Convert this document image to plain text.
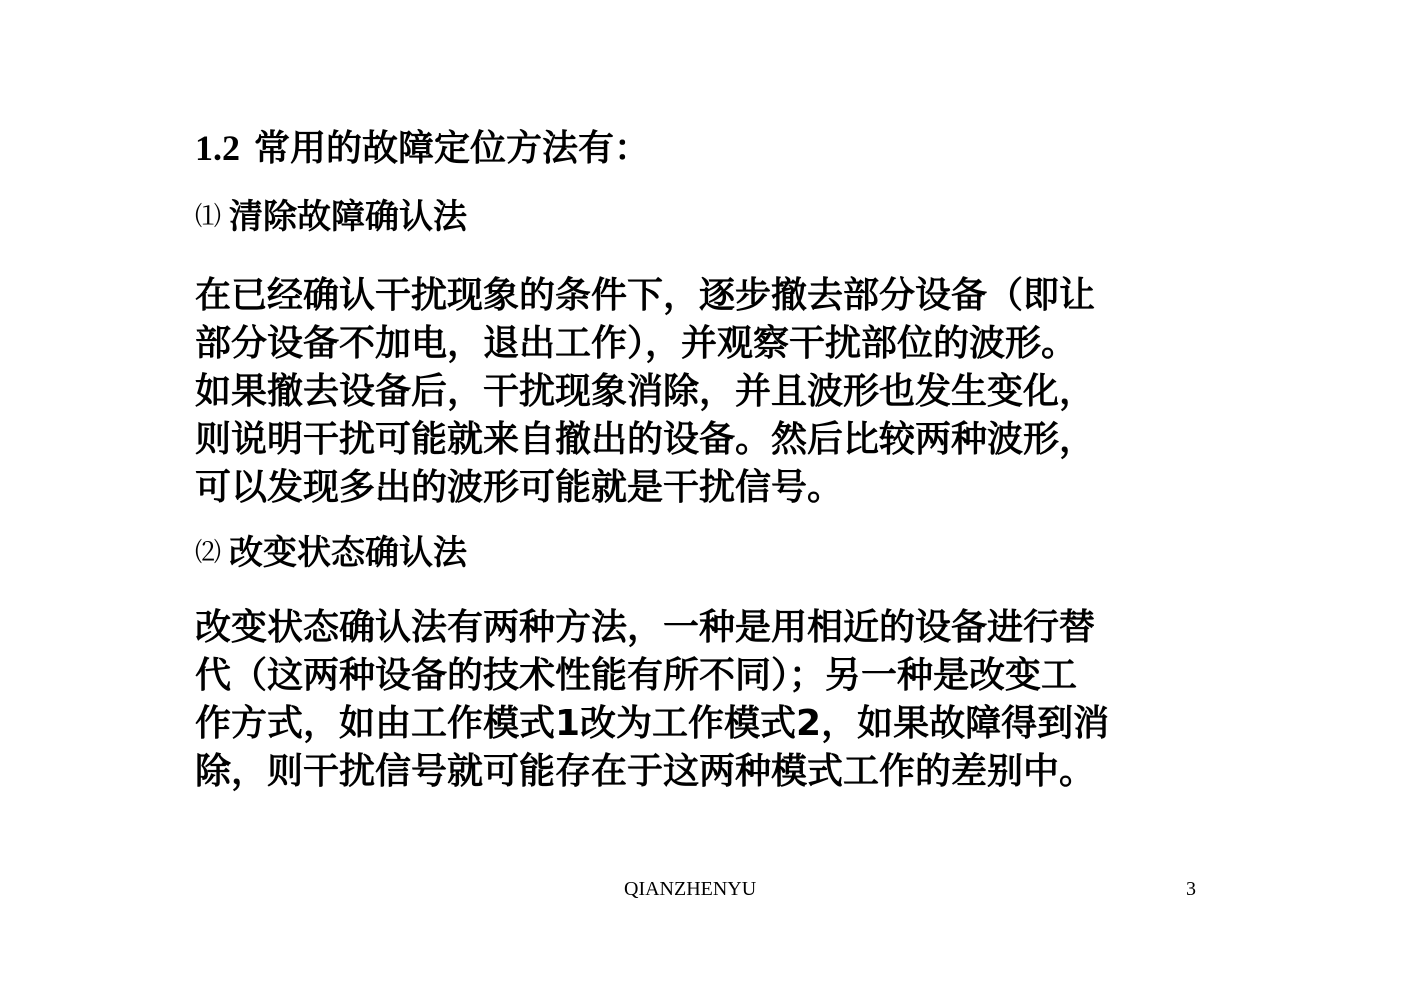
1.2 常用的故障定位方法有：
⑴ 清除故障确认法
在已经确认干扰现象的条件下，逐步撤去部分设备（即让
部分设备不加电，退出工作），并观察干扰部位的波形。
如果撤去设备后，干扰现象消除，并且波形也发生变化，
则说明干扰可能就来自撤出的设备。然后比较两种波形，
可以发现多出的波形可能就是干扰信号。
⑵ 改变状态确认法
改变状态确认法有两种方法，一种是用相近的设备进行替
代（这两种设备的技术性能有所不同）；另一种是改变工
作方式，如由工作模式1改为工作模式2，如果故障得到消
除，则干扰信号就可能存在于这两种模式工作的差别中。
QIANZHENYU	3
